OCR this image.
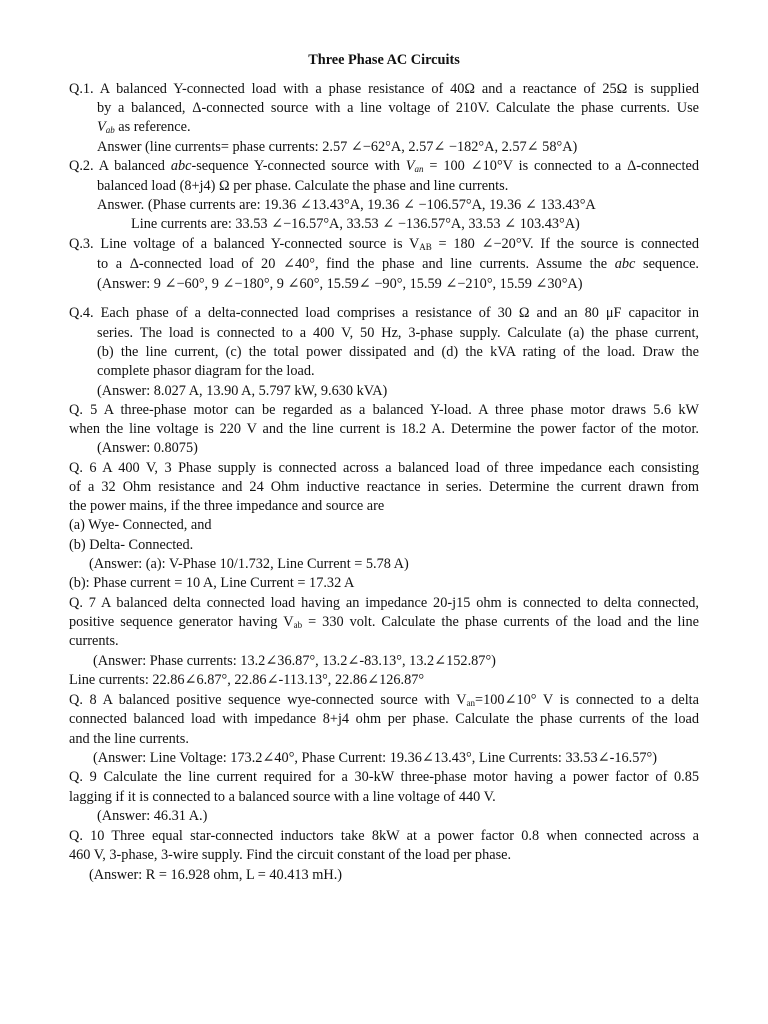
Three Phase AC Circuits
Q.1. A balanced Y-connected load with a phase resistance of 40Ω and a reactance of 25Ω is supplied
by a balanced, Δ-connected source with a line voltage of 210V. Calculate the phase currents. Use
$V_{ab}$ as reference.
Answer (line currents= phase currents: 2.57 ∠−62°A, 2.57∠ −182°A, 2.57∠ 58°A)
Q.2. A balanced abc-sequence Y-connected source with $V_{an} = 100$ ∠10°V is connected to a Δ-connected
balanced load (8+j4) Ω per phase. Calculate the phase and line currents.
Answer. (Phase currents are: 19.36 ∠13.43°A, 19.36 ∠ −106.57°A, 19.36 ∠ 133.43°A
Line currents are: 33.53 ∠−16.57°A, 33.53 ∠ −136.57°A, 33.53 ∠ 103.43°A)
Q.3. Line voltage of a balanced Y-connected source is $V_{AB} = 180$ ∠−20°V. If the source is connected
to a Δ-connected load of 20 ∠40°, find the phase and line currents. Assume the abc sequence.
(Answer: 9 ∠−60°, 9 ∠−180°, 9 ∠60°, 15.59∠ −90°, 15.59 ∠−210°, 15.59 ∠30°A)
Q.4. Each phase of a delta-connected load comprises a resistance of 30 Ω and an 80 μF capacitor in
series. The load is connected to a 400 V, 50 Hz, 3-phase supply. Calculate (a) the phase current,
(b) the line current, (c) the total power dissipated and (d) the kVA rating of the load. Draw the
complete phasor diagram for the load.
(Answer: 8.027 A, 13.90 A, 5.797 kW, 9.630 kVA)
Q. 5 A three-phase motor can be regarded as a balanced Y-load. A three phase motor draws 5.6 kW
when the line voltage is 220 V and the line current is 18.2 A. Determine the power factor of the motor.
(Answer: 0.8075)
Q. 6 A 400 V, 3 Phase supply is connected across a balanced load of three impedance each consisting
of a 32 Ohm resistance and 24 Ohm inductive reactance in series. Determine the current drawn from
the power mains, if the three impedance and source are
(a) Wye- Connected, and
(b) Delta- Connected.
(Answer: (a): V-Phase 10/1.732, Line Current = 5.78 A)
(b): Phase current = 10 A, Line Current = 17.32 A
Q. 7 A balanced delta connected load having an impedance 20-j15 ohm is connected to delta connected,
positive sequence generator having $V_{ab} = 330$ volt. Calculate the phase currents of the load and the line
currents.
(Answer: Phase currents: 13.2∠36.87°, 13.2∠-83.13°, 13.2∠152.87°)
Line currents: 22.86∠6.87°, 22.86∠-113.13°, 22.86∠126.87°
Q. 8 A balanced positive sequence wye-connected source with $V_{an}=100\angle 10^\circ$ V is connected to a delta
connected balanced load with impedance 8+j4 ohm per phase. Calculate the phase currents of the load
and the line currents.
(Answer: Line Voltage: 173.2∠40°, Phase Current: 19.36∠13.43°, Line Currents: 33.53∠-16.57°)
Q. 9 Calculate the line current required for a 30-kW three-phase motor having a power factor of 0.85
lagging if it is connected to a balanced source with a line voltage of 440 V.
(Answer: 46.31 A.)
Q. 10 Three equal star-connected inductors take 8kW at a power factor 0.8 when connected across a
460 V, 3-phase, 3-wire supply. Find the circuit constant of the load per phase.
(Answer: R = 16.928 ohm, L = 40.413 mH.)
